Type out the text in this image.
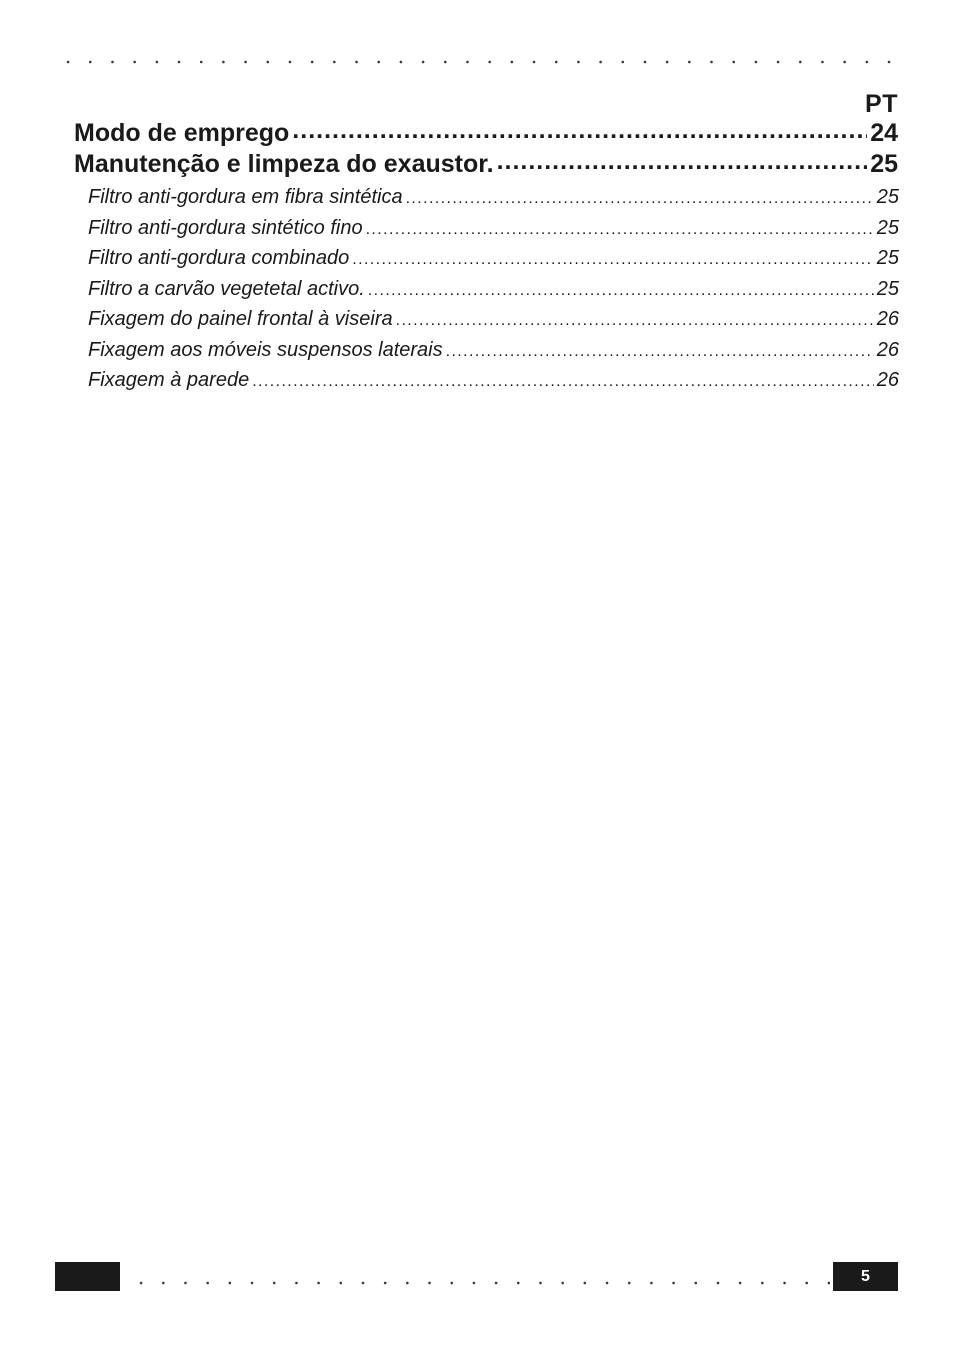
PT
Modo de emprego .....	24
Manutenção e limpeza do exaustor. .....	25
Filtro anti-gordura em fibra sintética .....	25
Filtro anti-gordura sintético fino .....	25
Filtro anti-gordura combinado .....	25
Filtro a carvão vegetetal activo. .....	25
Fixagem do painel frontal à viseira .....	26
Fixagem aos móveis suspensos laterais .....	26
Fixagem à parede .....	26
5
